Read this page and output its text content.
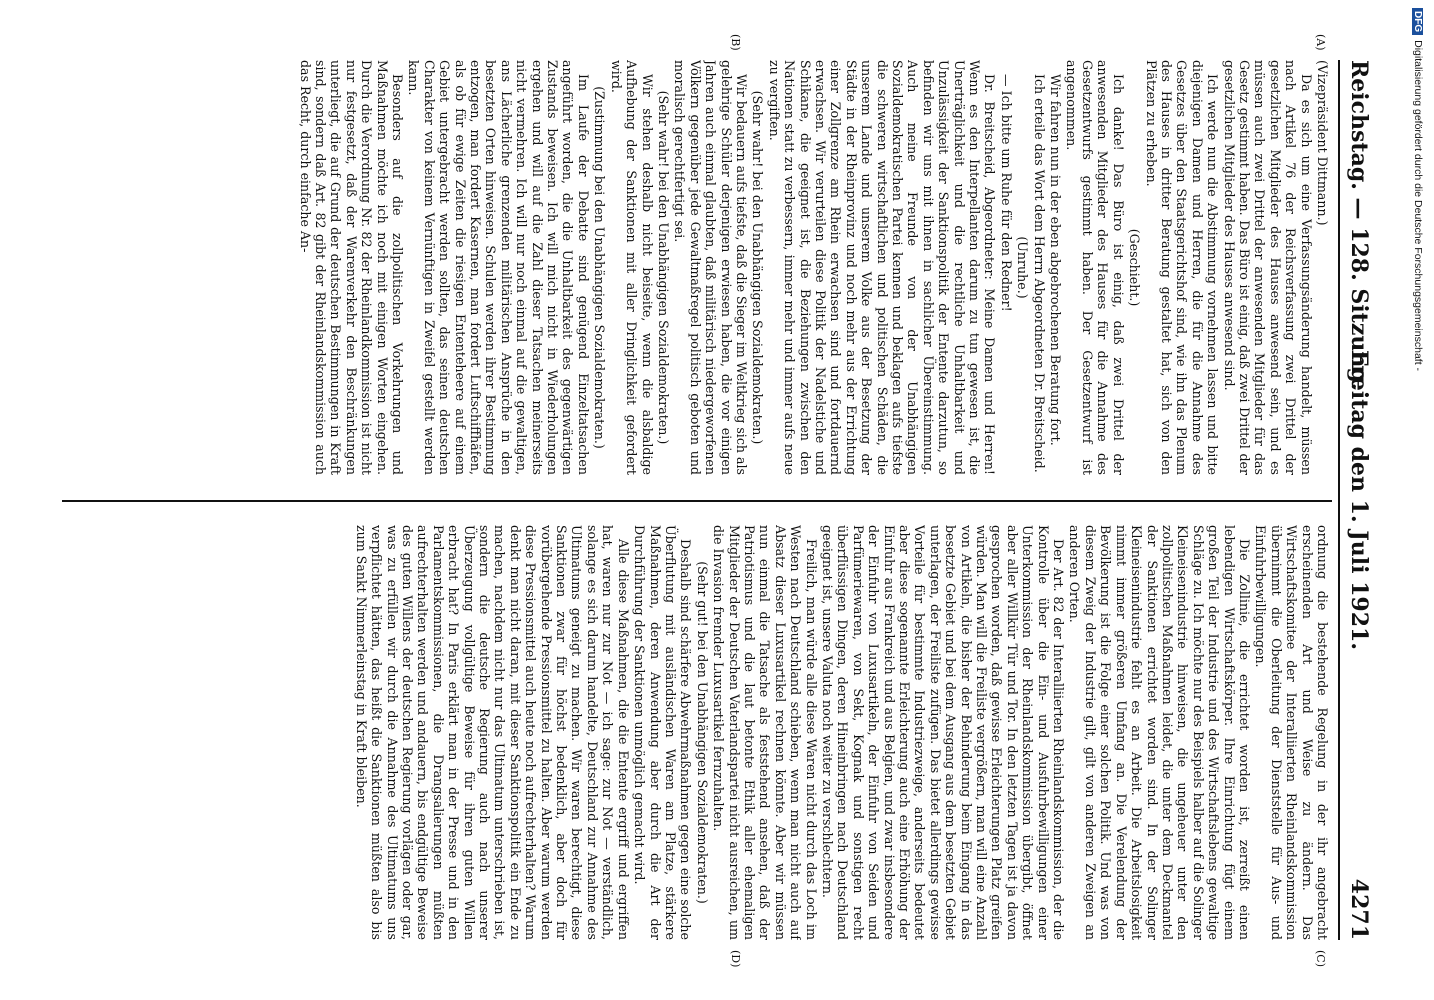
Reichstag. — 128. Sitzung.
Freitag den 1. Juli 1921.
4271
(A)
(B)
(C)
(D)

(Vizepräsident Dittmann.)

Da es sich um eine Verfassungsänderung handelt, müssen nach Artikel 76 der Reichsverfassung zwei Drittel der gesetzlichen Mitglieder des Hauses anwesend sein, und es müssen auch zwei Drittel der anwesenden Mitglieder für das Gesetz gestimmt haben. Das Büro ist einig, daß zwei Drittel der gesetzlichen Mitglieder des Hauses anwesend sind.

Ich werde nun die Abstimmung vornehmen lassen und bitte diejenigen Damen und Herren, die für die Annahme des Gesetzes über den Staatsgerichtshof sind, wie ihn das Plenum des Hauses in dritter Beratung gestaltet hat, sich von den Plätzen zu erheben.

(Geschieht.)

Ich danke! Das Büro ist einig, daß zwei Drittel der anwesenden Mitglieder des Hauses für die Annahme des Gesetzentwurfs gestimmt haben. Der Gesetzentwurf ist angenommen.

Wir fahren nun in der eben abgebrochenen Beratung fort.

Ich erteile das Wort dem Herrn Abgeordneten Dr. Breitscheid.

(Unruhe.)

— Ich bitte um Ruhe für den Redner!

Dr. Breitscheid, Abgeordneter: Meine Damen und Herren! Wenn es den Interpellanten darum zu tun gewesen ist, die Unerträglichkeit und die rechtliche Unhaltbarkeit und Unzulässigkeit der Sanktionspolitik der Entente darzutun, so befinden wir uns mit ihnen in sachlicher Übereinstimmung. Auch meine Freunde von der Unabhängigen Sozialdemokratischen Partei kennen und beklagen aufs tiefste die schweren wirtschaftlichen und politischen Schäden, die unserem Lande und unserem Volke aus der Besetzung der Städte in der Rheinprovinz und noch mehr aus der Errichtung einer Zollgrenze am Rhein erwachsen sind und fortdauernd erwachsen. Wir verurteilen diese Politik der Nadelstiche und Schikane, die geeignet ist, die Beziehungen zwischen den Nationen statt zu verbessern, immer mehr und immer aufs neue zu vergiften.

(Sehr wahr! bei den Unabhängigen Sozialdemokraten.)

Wir bedauern aufs tiefste, daß die Sieger im Weltkrieg sich als gelehrige Schüler derjenigen erwiesen haben, die vor einigen Jahren auch einmal glaubten, daß militärisch niedergeworfenen Völkern gegenüber jede Gewaltmaßregel politisch geboten und moralisch gerechtfertigt sei.

(Sehr wahr! bei den Unabhängigen Sozialdemokraten.)

Wir stehen deshalb nicht beiseite, wenn die alsbaldige Aufhebung der Sanktionen mit aller Dringlichkeit gefordert wird.

(Zustimmung bei den Unabhängigen Sozialdemokraten.)

Im Laufe der Debatte sind genügend Einzeltatsachen angeführt worden, die die Unhaltbarkeit des gegenwärtigen Zustands beweisen. Ich will mich nicht in Wiederholungen ergehen und will auf die Zahl dieser Tatsachen meinerseits nicht vermehren. Ich will nur noch einmal auf die gewaltigen, ans Lächerliche grenzenden militärischen Ansprüche in den besetzten Orten hinweisen. Schulen werden ihrer Bestimmung entzogen, man fordert Kasernen, man fordert Luftschiffhäfen, als ob für ewige Zeiten die riesigen Ententeheere auf einem Gebiet untergebracht werden sollten, das seinen deutschen Charakter von keinem Vernünftigen in Zweifel gestellt werden kann.

Besonders auf die zollpolitischen Vorkehrungen und Maßnahmen möchte ich noch mit einigen Worten eingehen. Durch die Verordnung Nr. 82 der Rheinlandkommission ist nicht nur festgesetzt, daß der Warenverkehr den Beschränkungen unterliegt, die auf Grund der deutschen Bestimmungen in Kraft sind, sondern daß Art. 82 gibt der Rheinlandskommission auch das Recht, durch einfache An-

ordnung die bestehende Regelung in der ihr angebracht erscheinenden Art und Weise zu ändern. Das Wirtschaftskomitee der Interalliierten Rheinlandskommission übernimmt die Oberleitung der Dienststelle für Aus- und Einfuhrbewilligungen.

Die Zollinie, die errichtet worden ist, zerreißt einen lebendigen Wirtschaftskörper. Ihre Einrichtung fügt einem großen Teil der Industrie und des Wirtschaftslebens gewaltige Schläge zu. Ich möchte nur des Beispiels halber auf die Solinger Kleineisenindustrie hinweisen, die ungeheuer unter den zollpolitischen Maßnahmen leidet, die unter dem Deckmantel der Sanktionen errichtet worden sind. In der Solinger Kleineisenindustrie fehlt es an Arbeit. Die Arbeitslosigkeit nimmt immer größeren Umfang an. Die Verelendung der Bevölkerung ist die Folge einer solchen Politik. Und was von diesem Zweig der Industrie gilt, gilt von anderen Zweigen an anderen Orten.

Der Art. 82 der Interalliierten Rheinlandskommission, der die Kontrolle über die Ein- und Ausfuhrbewilligungen einer Unterkommission der Rheinlandskommission übergibt, öffnet aber aller Willkür Tür und Tor. In den letzten Tagen ist ja davon gesprochen worden, daß gewisse Erleichterungen Platz greifen würden. Man will die Freiliste vergrößern, man will eine Anzahl von Artikeln, die bisher der Behinderung beim Eingang in das besetzte Gebiet und bei dem Ausgang aus dem besetzten Gebiet unterlagen, der Freiliste zufügen. Das bietet allerdings gewisse Vorteile für bestimmte Industriezweige, anderseits bedeutet aber diese sogenannte Erleichterung auch eine Erhöhung der Einfuhr aus Frankreich und aus Belgien, und zwar insbesondere der Einfuhr von Luxusartikeln, der Einfuhr von Seiden und Parfümeriewaren, von Sekt, Kognak und sonstigen recht überflüssigen Dingen, deren Hineinbringen nach Deutschland geeignet ist, unsere Valuta noch weiter zu verschlechtern.

Freilich, man würde alle diese Waren nicht durch das Loch im Westen nach Deutschland schieben, wenn man nicht auch auf Absatz dieser Luxusartikel rechnen könnte. Aber wir müssen nun einmal die Tatsache als feststehend ansehen, daß der Patriotismus und die laut betonte Ethik aller ehemaligen Mitglieder der Deutschen Vaterlandspartei nicht ausreichen, um die Invasion fremder Luxusartikel fernzuhalten.

(Sehr gut! bei den Unabhängigen Sozialdemokraten.)

Deshalb sind schärfere Abwehrmaßnahmen gegen eine solche Überflutung mit ausländischen Waren am Platze, stärkere Maßnahmen, deren Anwendung aber durch die Art der Durchführung der Sanktionen unmöglich gemacht wird.

Alle diese Maßnahmen, die die Entente ergriff und ergriffen hat, waren nur zur Not — ich sage: zur Not — verständlich, solange es sich darum handelte, Deutschland zur Annahme des Ultimatums geneigt zu machen. Wir waren berechtigt, diese Sanktionen zwar für höchst bedenklich, aber doch für vorübergehende Pressionsmittel zu halten. Aber warum werden diese Pressionsmittel auch heute noch aufrechterhalten? Warum denkt man nicht daran, mit dieser Sanktionspolitik ein Ende zu machen, nachdem nicht nur das Ultimatum unterschrieben ist, sondern die deutsche Regierung auch nach unserer Überzeugung vollgültige Beweise für ihren guten Willen erbracht hat? In Paris erklärt man in der Presse und in den Parlamentskommissionen, die Drangsalierungen müßten aufrechterhalten werden und andauern, bis endgültige Beweise des guten Willens der deutschen Regierung vorlägen oder gar, was zu erfüllen wir durch die Annahme des Ultimatums uns verpflichtet hätten, das heißt die Sanktionen müßten also bis zum Sankt Nimmerleinstag in Kraft bleiben.

DFGDigitalisierung gefördert durch die Deutsche Forschungsgemeinschaft -
